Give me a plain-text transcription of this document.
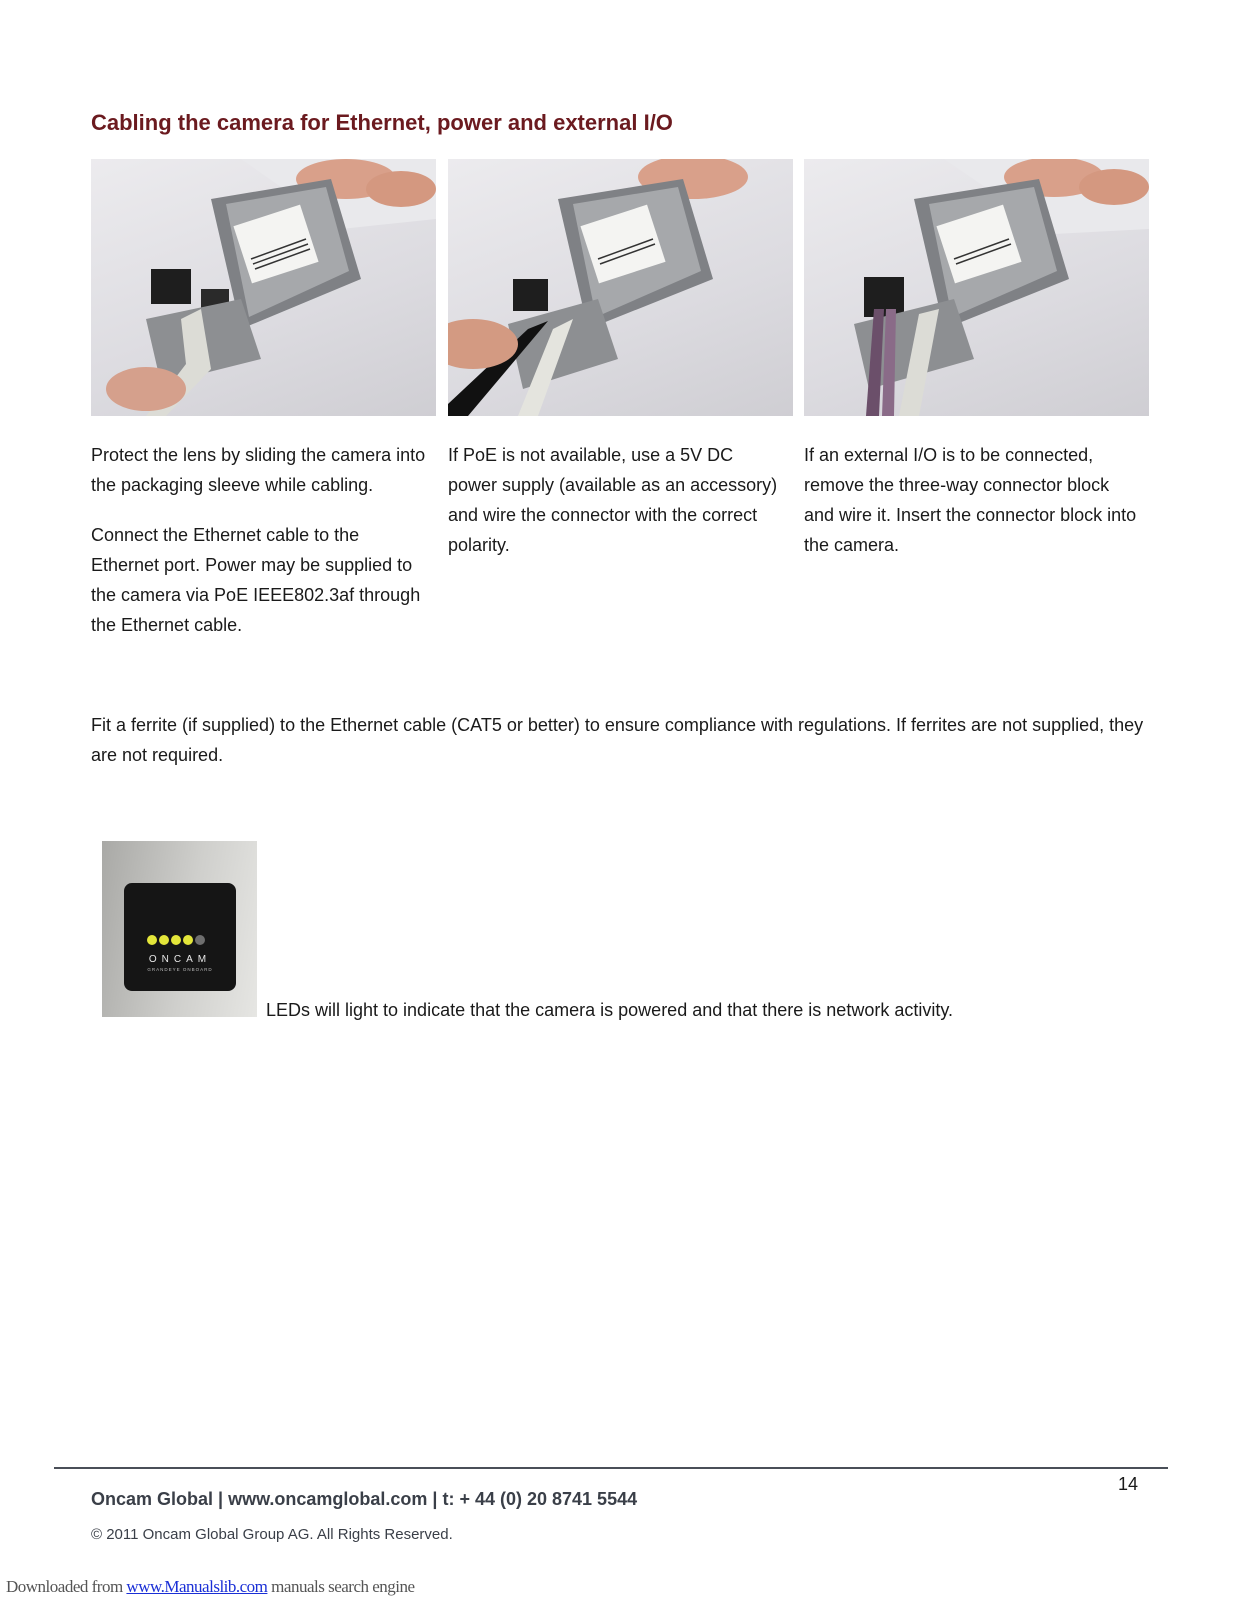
Cabling the camera for Ethernet, power and external I/O

Protect the lens by sliding the camera into the packaging sleeve while cabling.

Connect the Ethernet cable to the Ethernet port. Power may be supplied to the camera via PoE IEEE802.3af through the Ethernet cable.

If PoE is not available, use a 5V DC power supply (available as an accessory) and wire the connector with the correct polarity.

If an external I/O is to be connected, remove the three-way connector block and wire it. Insert the connector block into the camera.

Fit a ferrite (if supplied) to the Ethernet cable (CAT5 or better) to ensure compliance with regulations. If ferrites are not supplied, they are not required.

ONCAM
GRANDEYE ONBOARD

LEDs will light to indicate that the camera is powered and that there is network activity.

14
Oncam Global | www.oncamglobal.com | t: + 44 (0) 20 8741 5544
© 2011 Oncam Global Group AG. All Rights Reserved.
Downloaded from www.Manualslib.com manuals search engine
